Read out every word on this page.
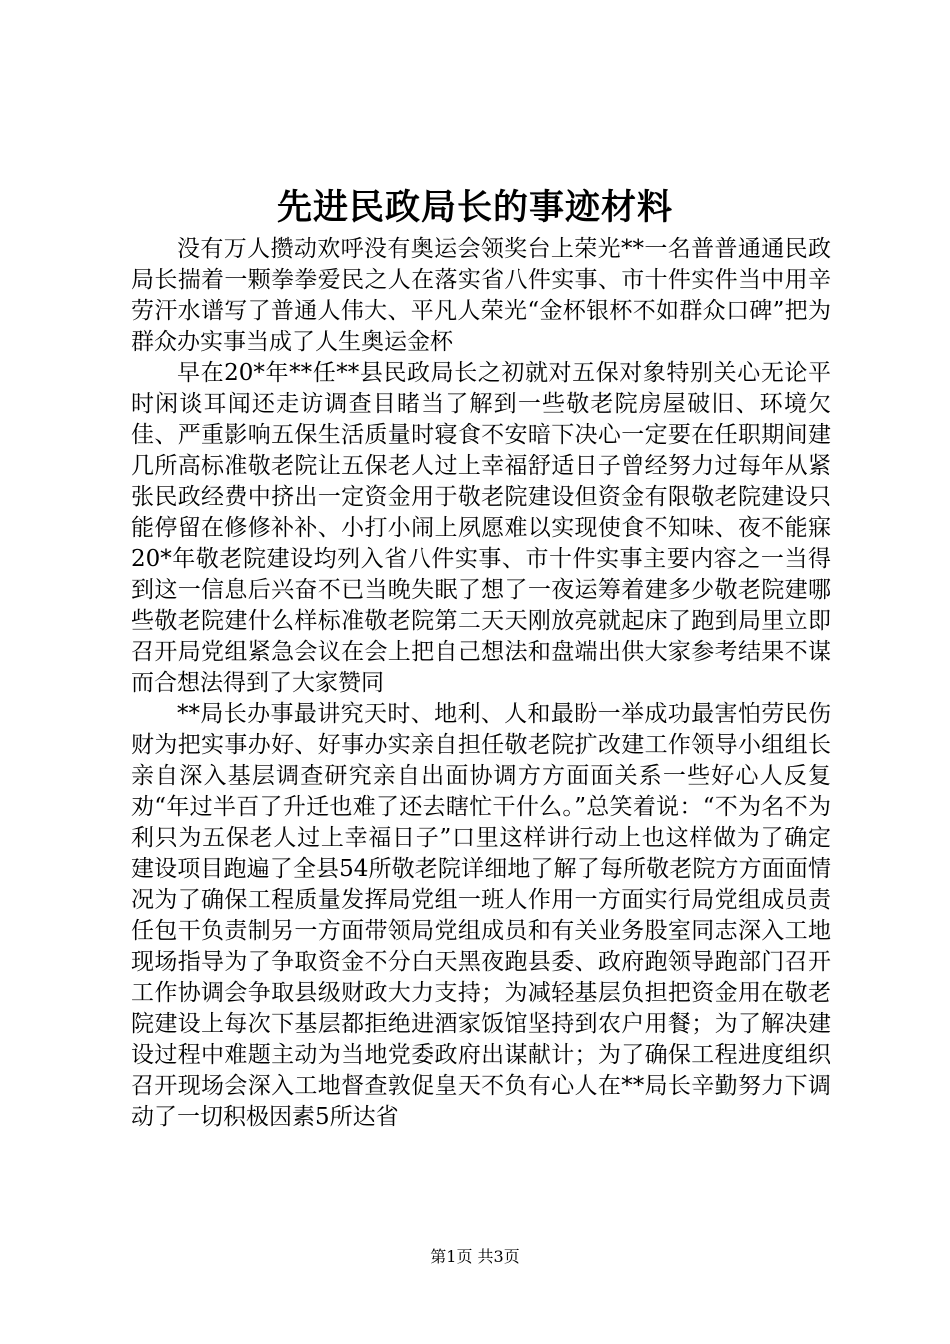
先进民政局长的事迹材料

没有万人攒动欢呼没有奥运会领奖台上荣光**一名普普通通民政局长揣着一颗拳拳爱民之人在落实省八件实事、市十件实件当中用辛劳汗水谱写了普通人伟大、平凡人荣光“金杯银杯不如群众口碑”把为群众办实事当成了人生奥运金杯

早在20*年**任**县民政局长之初就对五保对象特别关心无论平时闲谈耳闻还走访调查目睹当了解到一些敬老院房屋破旧、环境欠佳、严重影响五保生活质量时寝食不安暗下决心一定要在任职期间建几所高标准敬老院让五保老人过上幸福舒适日子曾经努力过每年从紧张民政经费中挤出一定资金用于敬老院建设但资金有限敬老院建设只能停留在修修补补、小打小闹上夙愿难以实现使食不知味、夜不能寐20*年敬老院建设均列入省八件实事、市十件实事主要内容之一当得到这一信息后兴奋不已当晚失眠了想了一夜运筹着建多少敬老院建哪些敬老院建什么样标准敬老院第二天天刚放亮就起床了跑到局里立即召开局党组紧急会议在会上把自己想法和盘端出供大家参考结果不谋而合想法得到了大家赞同

**局长办事最讲究天时、地利、人和最盼一举成功最害怕劳民伤财为把实事办好、好事办实亲自担任敬老院扩改建工作领导小组组长亲自深入基层调查研究亲自出面协调方方面面关系一些好心人反复劝“年过半百了升迁也难了还去瞎忙干什么。”总笑着说：“不为名不为利只为五保老人过上幸福日子”口里这样讲行动上也这样做为了确定建设项目跑遍了全县54所敬老院详细地了解了每所敬老院方方面面情况为了确保工程质量发挥局党组一班人作用一方面实行局党组成员责任包干负责制另一方面带领局党组成员和有关业务股室同志深入工地现场指导为了争取资金不分白天黑夜跑县委、政府跑领导跑部门召开工作协调会争取县级财政大力支持；为减轻基层负担把资金用在敬老院建设上每次下基层都拒绝进酒家饭馆坚持到农户用餐；为了解决建设过程中难题主动为当地党委政府出谋献计；为了确保工程进度组织召开现场会深入工地督查敦促皇天不负有心人在**局长辛勤努力下调动了一切积极因素5所达省

第1页 共3页
